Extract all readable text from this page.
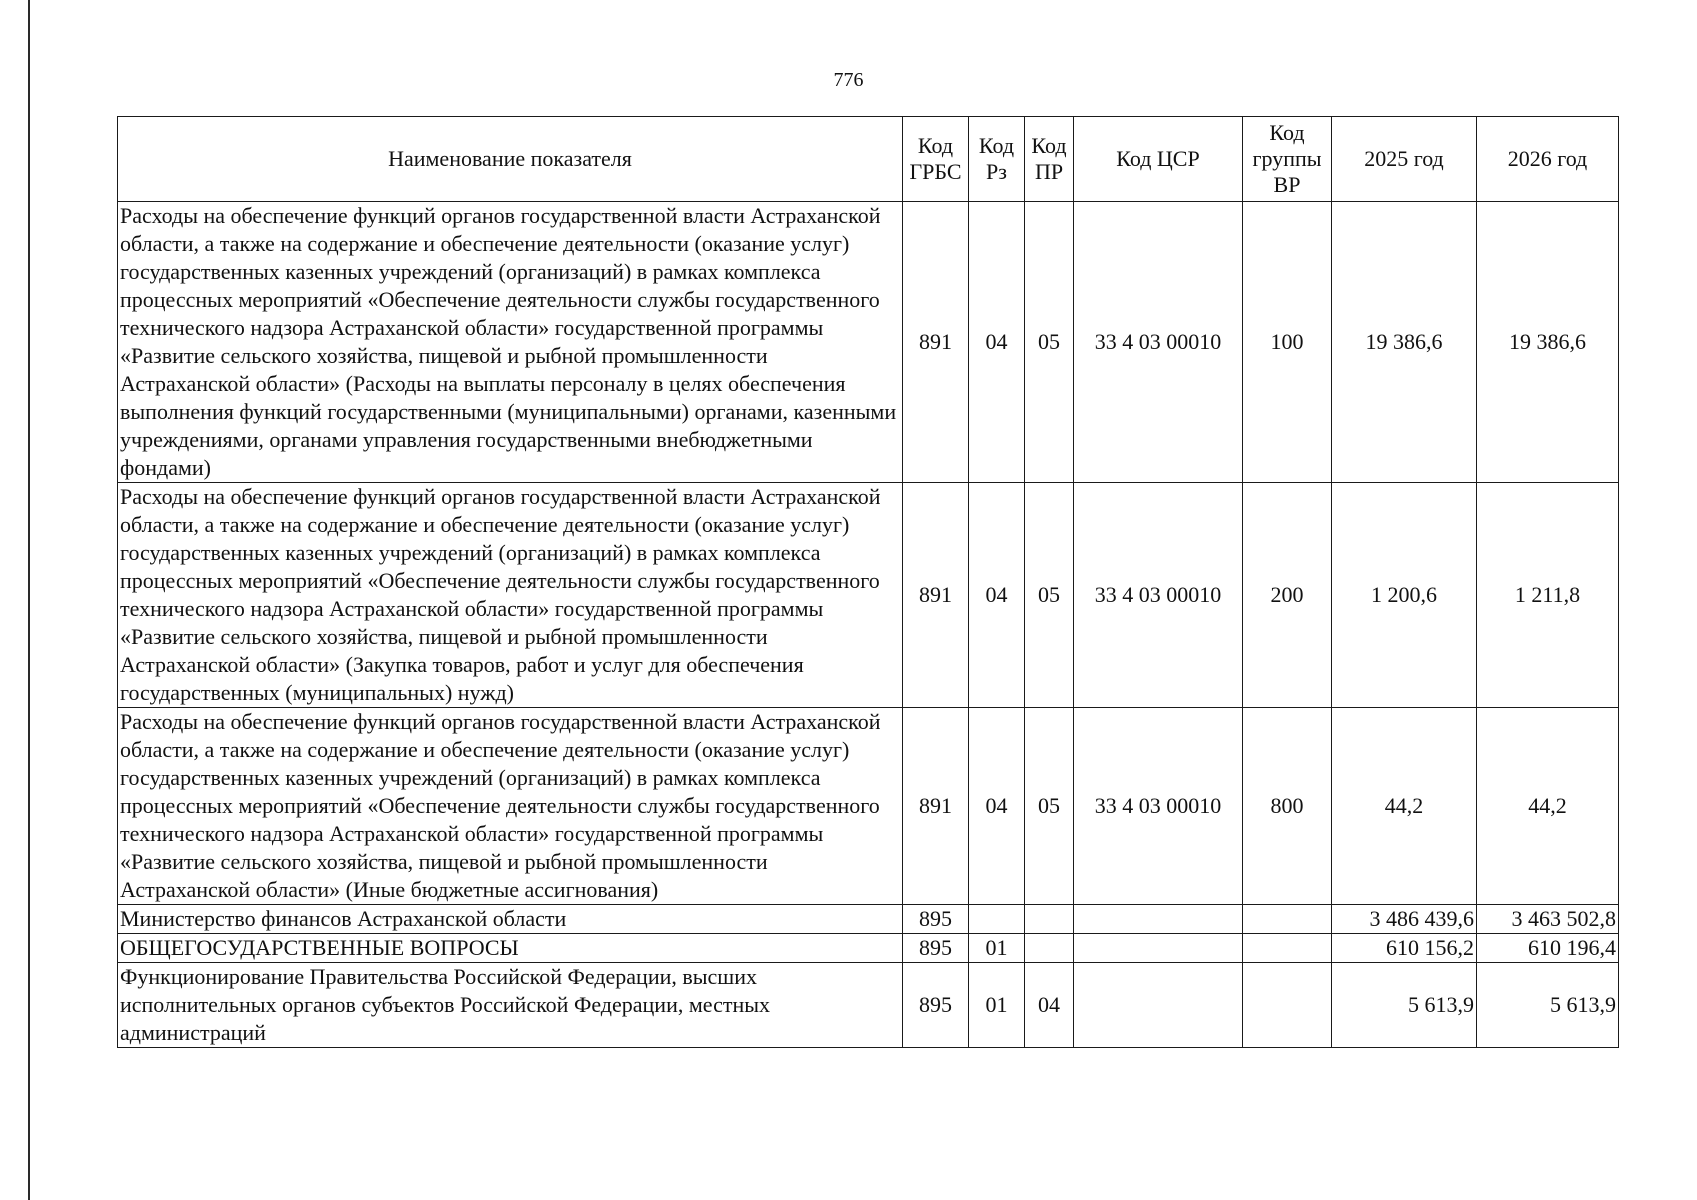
776
Наименование показателя	Код ГРБС	Код Рз	Код ПР	Код ЦСР	Код группы ВР	2025 год	2026 год
Расходы на обеспечение функций органов государственной власти Астраханской области, а также на содержание и обеспечение деятельности (оказание услуг) государственных казенных учреждений (организаций) в рамках комплекса процессных мероприятий «Обеспечение деятельности службы государственного технического надзора Астраханской области» государственной программы «Развитие сельского хозяйства, пищевой и рыбной промышленности Астраханской области» (Расходы на выплаты персоналу в целях обеспечения выполнения функций государственными (муниципальными) органами, казенными учреждениями, органами управления государственными внебюджетными фондами)	891	04	05	33 4 03 00010	100	19 386,6	19 386,6
Расходы на обеспечение функций органов государственной власти Астраханской области, а также на содержание и обеспечение деятельности (оказание услуг) государственных казенных учреждений (организаций) в рамках комплекса процессных мероприятий «Обеспечение деятельности службы государственного технического надзора Астраханской области» государственной программы «Развитие сельского хозяйства, пищевой и рыбной промышленности Астраханской области» (Закупка товаров, работ и услуг для обеспечения государственных (муниципальных) нужд)	891	04	05	33 4 03 00010	200	1 200,6	1 211,8
Расходы на обеспечение функций органов государственной власти Астраханской области, а также на содержание и обеспечение деятельности (оказание услуг) государственных казенных учреждений (организаций) в рамках комплекса процессных мероприятий «Обеспечение деятельности службы государственного технического надзора Астраханской области» государственной программы «Развитие сельского хозяйства, пищевой и рыбной промышленности Астраханской области» (Иные бюджетные ассигнования)	891	04	05	33 4 03 00010	800	44,2	44,2
Министерство финансов Астраханской области	895					3 486 439,6	3 463 502,8
ОБЩЕГОСУДАРСТВЕННЫЕ ВОПРОСЫ	895	01				610 156,2	610 196,4
Функционирование Правительства Российской Федерации, высших исполнительных органов субъектов Российской Федерации, местных администраций	895	01	04			5 613,9	5 613,9
